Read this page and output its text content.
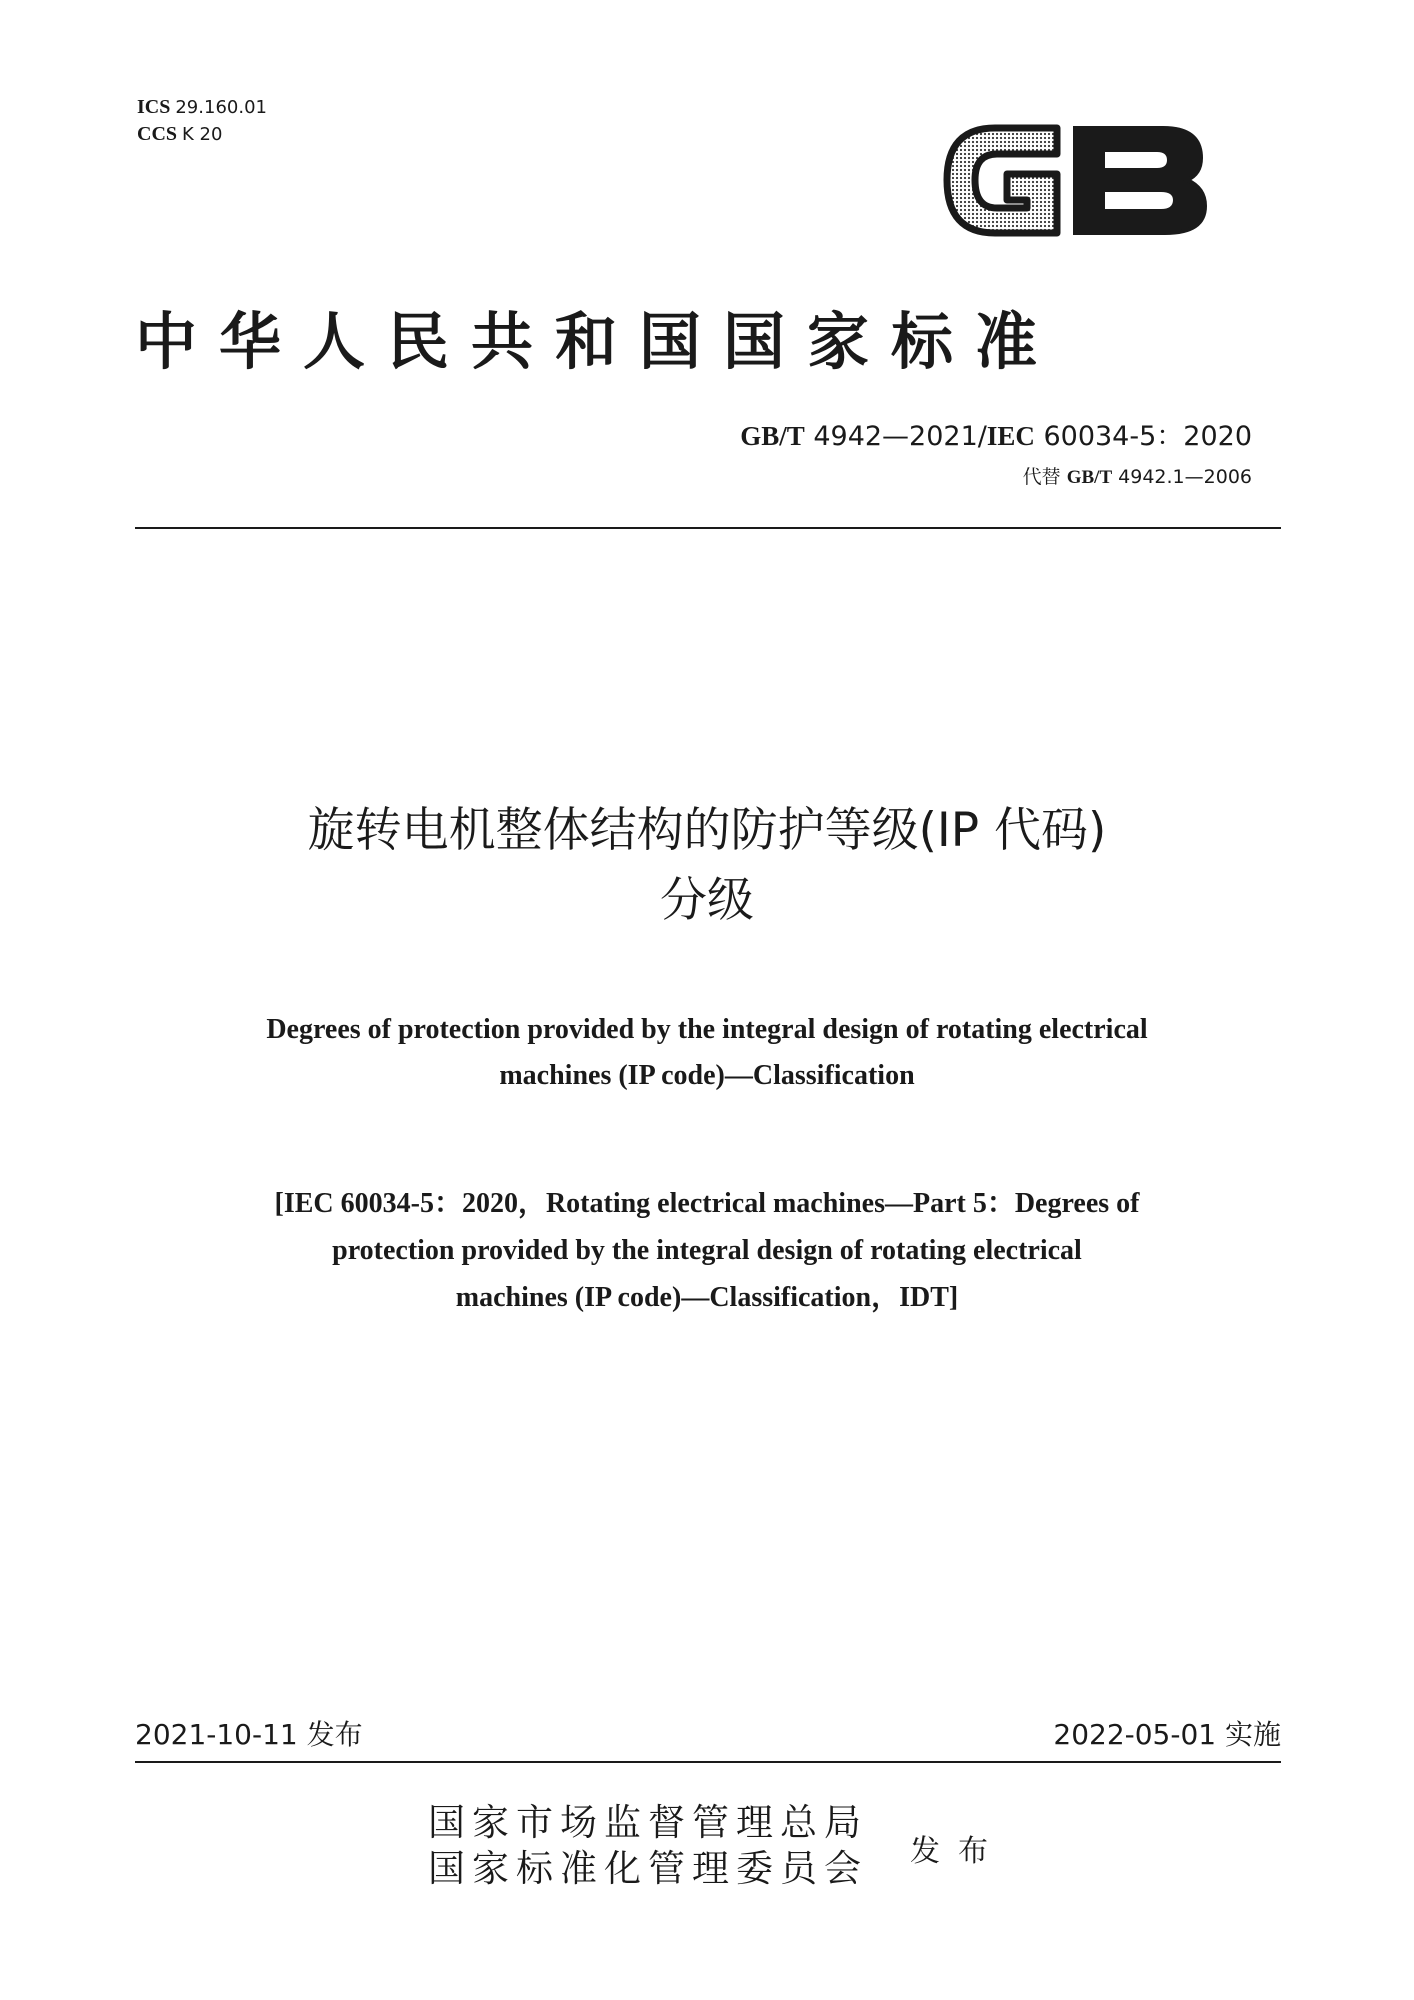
ICS 29.160.01
CCS K 20
GB
中华人民共和国国家标准
GB/T 4942—2021/IEC 60034-5：2020
代替 GB/T 4942.1—2006
旋转电机整体结构的防护等级(IP 代码)
分级
Degrees of protection provided by the integral design of rotating electrical
machines (IP code)—Classification
[IEC 60034-5：2020，Rotating electrical machines—Part 5：Degrees of
protection provided by the integral design of rotating electrical
machines (IP code)—Classification，IDT]
2021-10-11 发布	2022-05-01 实施
国家市场监督管理总局
国家标准化管理委员会 发布
